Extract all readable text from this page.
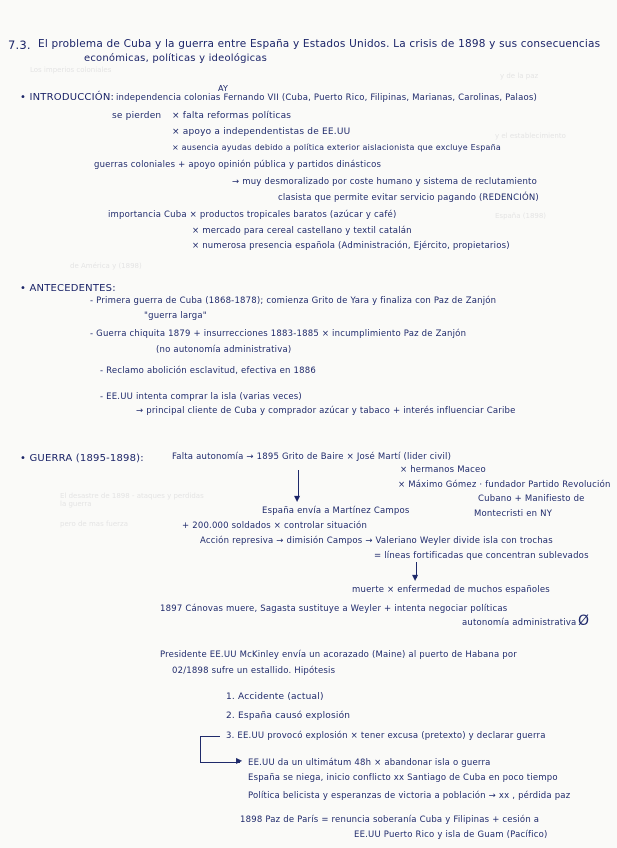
Los imperios coloniales
y de la paz
y el establecimiento
España (1898)
de América y (1898)
la guerra
pero de mas fuerza
El desastre de 1898 - ataques y perdidas
7.3. El problema de Cuba y la guerra entre España y Estados Unidos. La crisis de 1898 y sus consecuencias
económicas, políticas y ideológicas
• INTRODUCCIÓN:
AY
independencia colonias Fernando VII (Cuba, Puerto Rico, Filipinas, Marianas, Carolinas, Palaos)
se pierden × falta reformas políticas
× apoyo a independentistas de EE.UU
× ausencia ayudas debido a política exterior aislacionista que excluye España
guerras coloniales + apoyo opinión pública y partidos dinásticos
→ muy desmoralizado por coste humano y sistema de reclutamiento
clasista que permite evitar servicio pagando (REDENCIÓN)
importancia Cuba × productos tropicales baratos (azúcar y café)
× mercado para cereal castellano y textil catalán
× numerosa presencia española (Administración, Ejército, propietarios)
• ANTECEDENTES:
- Primera guerra de Cuba (1868-1878); comienza Grito de Yara y finaliza con Paz de Zanjón
"guerra larga"
- Guerra chiquita 1879 + insurrecciones 1883-1885 × incumplimiento Paz de Zanjón
(no autonomía administrativa)
- Reclamo abolición esclavitud, efectiva en 1886
- EE.UU intenta comprar la isla (varias veces)
→ principal cliente de Cuba y comprador azúcar y tabaco + interés influenciar Caribe
• GUERRA (1895-1898):	Falta autonomía → 1895 Grito de Baire × José Martí (lider civil)
× hermanos Maceo
× Máximo Gómez · fundador Partido Revolución
Cubano + Manifiesto de
Montecristi en NY
▼
España envía a Martínez Campos
+ 200.000 soldados × controlar situación
Acción represiva → dimisión Campos → Valeriano Weyler divide isla con trochas
= líneas fortificadas que concentran sublevados
▼
muerte × enfermedad de muchos españoles
1897 Cánovas muere, Sagasta sustituye a Weyler + intenta negociar políticas
autonomía administrativa Ø
Presidente EE.UU McKinley envía un acorazado (Maine) al puerto de Habana por
02/1898 sufre un estallido. Hipótesis
1. Accidente (actual)
2. España causó explosión
3. EE.UU provocó explosión × tener excusa (pretexto) y declarar guerra
▶ EE.UU da un ultimátum 48h × abandonar isla o guerra
España se niega, inicio conflicto xx Santiago de Cuba en poco tiempo
Política belicista y esperanzas de victoria a población → xx , pérdida paz
1898 Paz de París = renuncia soberanía Cuba y Filipinas + cesión a
EE.UU Puerto Rico y isla de Guam (Pacífico)
